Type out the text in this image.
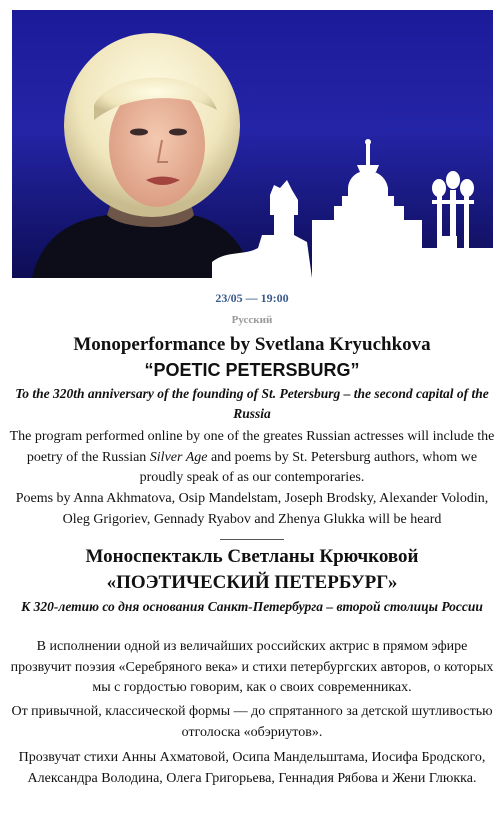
23/05 — 19:00
Русский
Monoperformance by Svetlana Kryuchkova
“POETIC PETERSBURG”
To the 320th anniversary of the founding of St. Petersburg – the second capital of the Russia
The program performed online by one of the greates Russian actresses will include the poetry of the Russian Silver Age and poems by St. Petersburg authors, whom we proudly speak of as our contemporaries.
Poems by Anna Akhmatova, Osip Mandelstam, Joseph Brodsky, Alexander Volodin, Oleg Grigoriev, Gennady Ryabov and Zhenya Glukka will be heard
Моноспектакль Светланы Крючковой
«ПОЭТИЧЕСКИЙ ПЕТЕРБУРГ»
К 320-летию со дня основания Санкт-Петербурга – второй столицы России
В исполнении одной из величайших российских актрис в прямом эфире прозвучит поэзия «Серебряного века» и стихи петербургских авторов, о которых мы с гордостью говорим, как о своих современниках.
От привычной, классической формы — до спрятанного за детской шутливостью отголоска «обэриутов».
Прозвучат стихи Анны Ахматовой, Осипа Мандельштама, Иосифа Бродского, Александра Володина, Олега Григорьева, Геннадия Рябова и Жени Глюкка.
